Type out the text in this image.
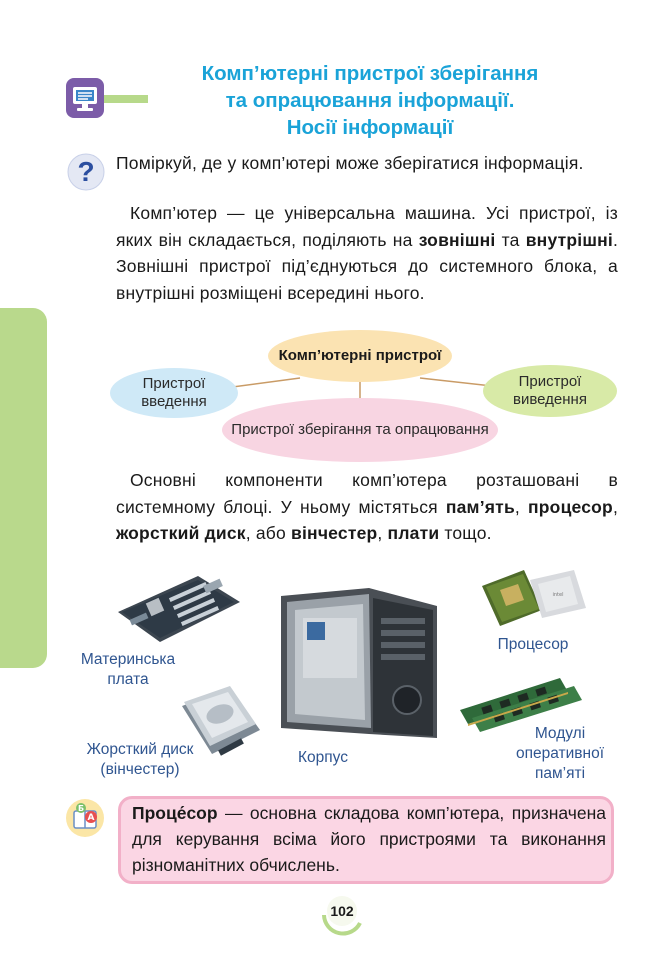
Комп’ютерні пристрої зберігання
та опрацювання інформації.
Носії інформації
? Поміркуй, де у комп’ютері може зберігатися інформація.
Комп’ютер — це універсальна машина. Усі пристрої, із яких він складається, поділяють на зовнішні та внутрішні. Зовнішні пристрої під’єднуються до системного блока, а внутрішні розміщені всередині нього.
Комп’ютерні пристрої
Пристрої введення
Пристрої виведення
Пристрої зберігання та опрацювання
Основні компоненти комп’ютера розташовані в системному блоці. У ньому містяться пам’ять, процесор, жорсткий диск, або вінчестер, плати тощо.
Материнська плата
intel
Процесор
Жорсткий диск (вінчестер)
Корпус
Модулі оперативної пам’яті
Б
А Проце́сор — основна складова комп’ютера, призначена для керування всіма його пристроями та виконання різноманітних обчислень.
102
